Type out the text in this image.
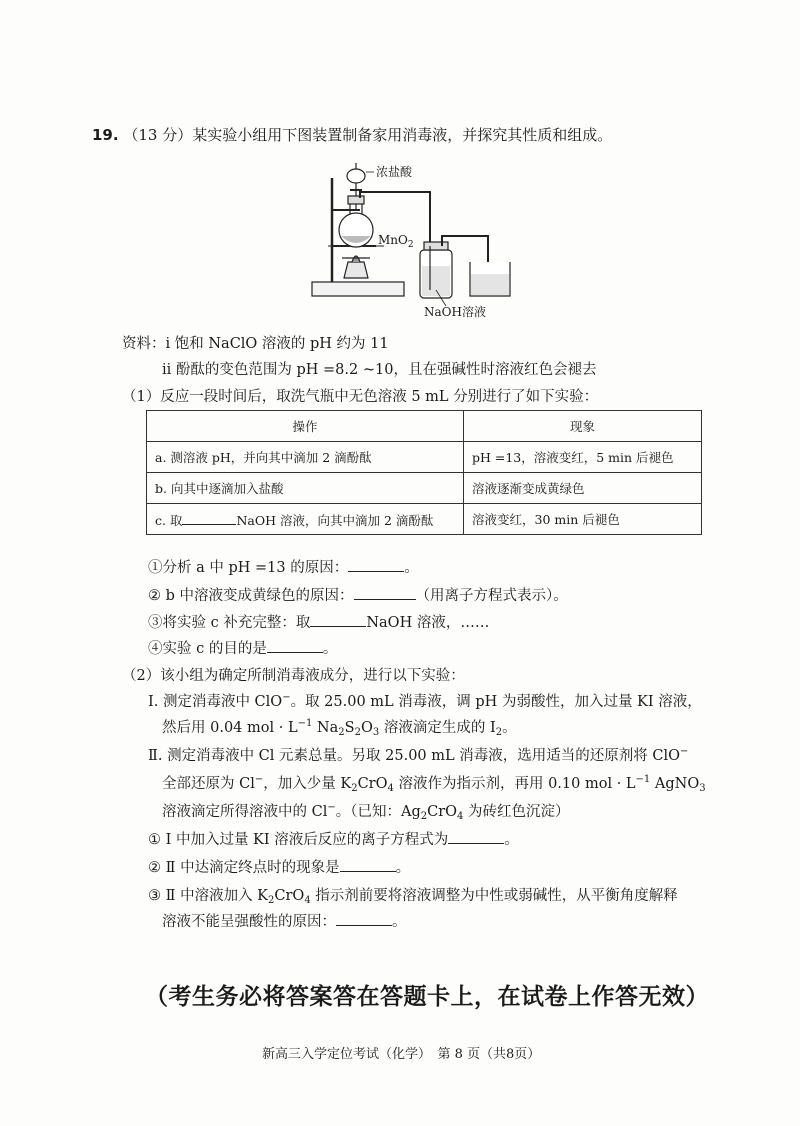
19. （13 分）某实验小组用下图装置制备家用消毒液，并探究其性质和组成。
浓盐酸
MnO$_2$
NaOH溶液
资料：i 饱和 NaClO 溶液的 pH 约为 11
ii 酚酞的变色范围为 pH =8.2 ~10，且在强碱性时溶液红色会褪去
（1）反应一段时间后，取洗气瓶中无色溶液 5 mL 分别进行了如下实验：
操作	现象
a. 测溶液 pH，并向其中滴加 2 滴酚酞	pH =13，溶液变红，5 min 后褪色
b. 向其中逐滴加入盐酸	溶液逐渐变成黄绿色
c. 取 NaOH 溶液，向其中滴加 2 滴酚酞	溶液变红，30 min 后褪色
①分析 a 中 pH =13 的原因：	。
② b 中溶液变成黄绿色的原因：	（用离子方程式表示）。
③将实验 c 补充完整：取	NaOH 溶液，……
④实验 c 的目的是	。
（2）该小组为确定所制消毒液成分，进行以下实验：
Ⅰ. 测定消毒液中 ClO−。取 25.00 mL 消毒液，调 pH 为弱酸性，加入过量 KI 溶液，
然后用 0.04 mol · $L^{-1}$ $Na_2S_2O_3$ 溶液滴定生成的 $I_2$。
Ⅱ. 测定消毒液中 Cl 元素总量。另取 25.00 mL 消毒液，选用适当的还原剂将 ClO−
全部还原为 Cl−，加入少量 $K_2CrO_4$ 溶液作为指示剂，再用 0.10 mol · $L^{-1}$ AgNO$_3$
溶液滴定所得溶液中的 Cl−。（已知：$Ag_2CrO_4$ 为砖红色沉淀）
① Ⅰ 中加入过量 KI 溶液后反应的离子方程式为	。
② Ⅱ 中达滴定终点时的现象是	。
③ Ⅱ 中溶液加入 $K_2CrO_4$ 指示剂前要将溶液调整为中性或弱碱性，从平衡角度解释
溶液不能呈强酸性的原因：	。
（考生务必将答案答在答题卡上，在试卷上作答无效）
新高三入学定位考试（化学）　第 8 页（共8页）
